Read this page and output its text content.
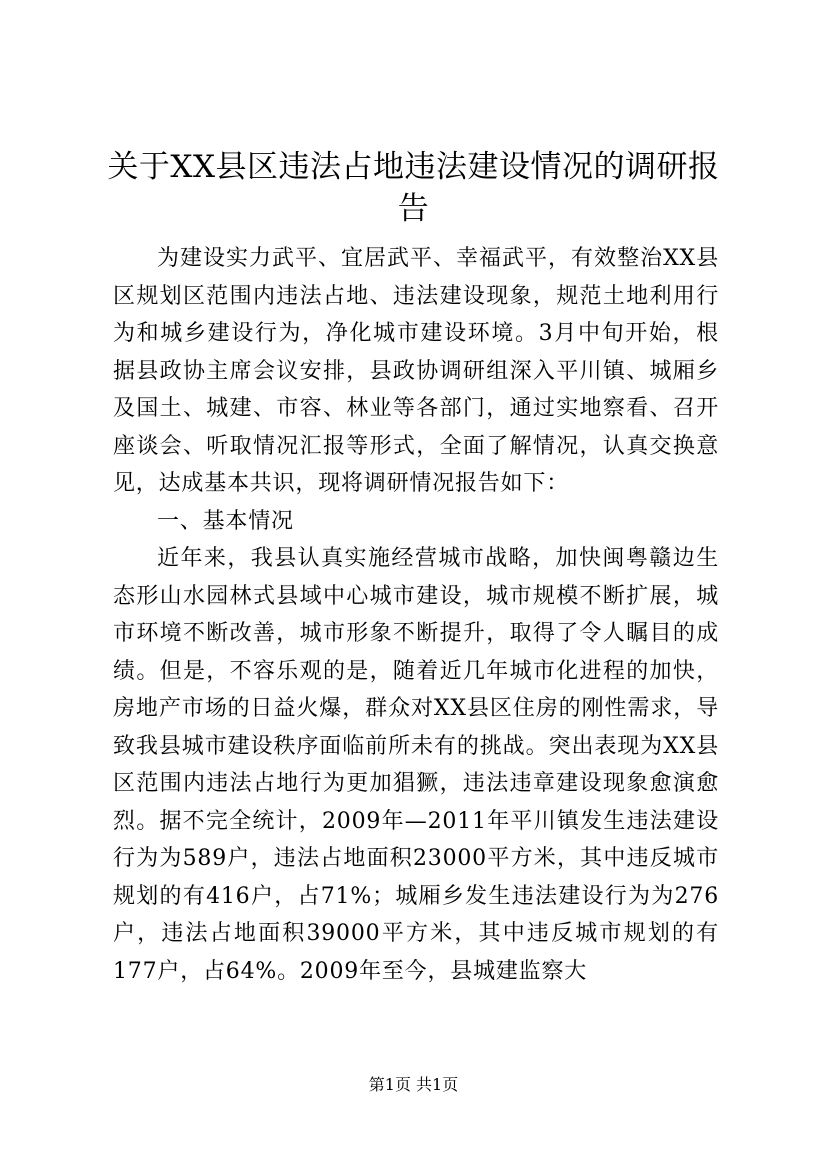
关于XX县区违法占地违法建设情况的调研报告

为建设实力武平、宜居武平、幸福武平，有效整治XX县区规划区范围内违法占地、违法建设现象，规范土地利用行为和城乡建设行为，净化城市建设环境。3月中旬开始，根据县政协主席会议安排，县政协调研组深入平川镇、城厢乡及国土、城建、市容、林业等各部门，通过实地察看、召开座谈会、听取情况汇报等形式，全面了解情况，认真交换意见，达成基本共识，现将调研情况报告如下：

一、基本情况

近年来，我县认真实施经营城市战略，加快闽粤赣边生态形山水园林式县域中心城市建设，城市规模不断扩展，城市环境不断改善，城市形象不断提升，取得了令人瞩目的成绩。但是，不容乐观的是，随着近几年城市化进程的加快，房地产市场的日益火爆，群众对XX县区住房的刚性需求，导致我县城市建设秩序面临前所未有的挑战。突出表现为XX县区范围内违法占地行为更加猖獗，违法违章建设现象愈演愈烈。据不完全统计，2009年—2011年平川镇发生违法建设行为为589户，违法占地面积23000平方米，其中违反城市规划的有416户，占71%；城厢乡发生违法建设行为为276户，违法占地面积39000平方米，其中违反城市规划的有177户，占64%。2009年至今，县城建监察大

第1页 共1页
